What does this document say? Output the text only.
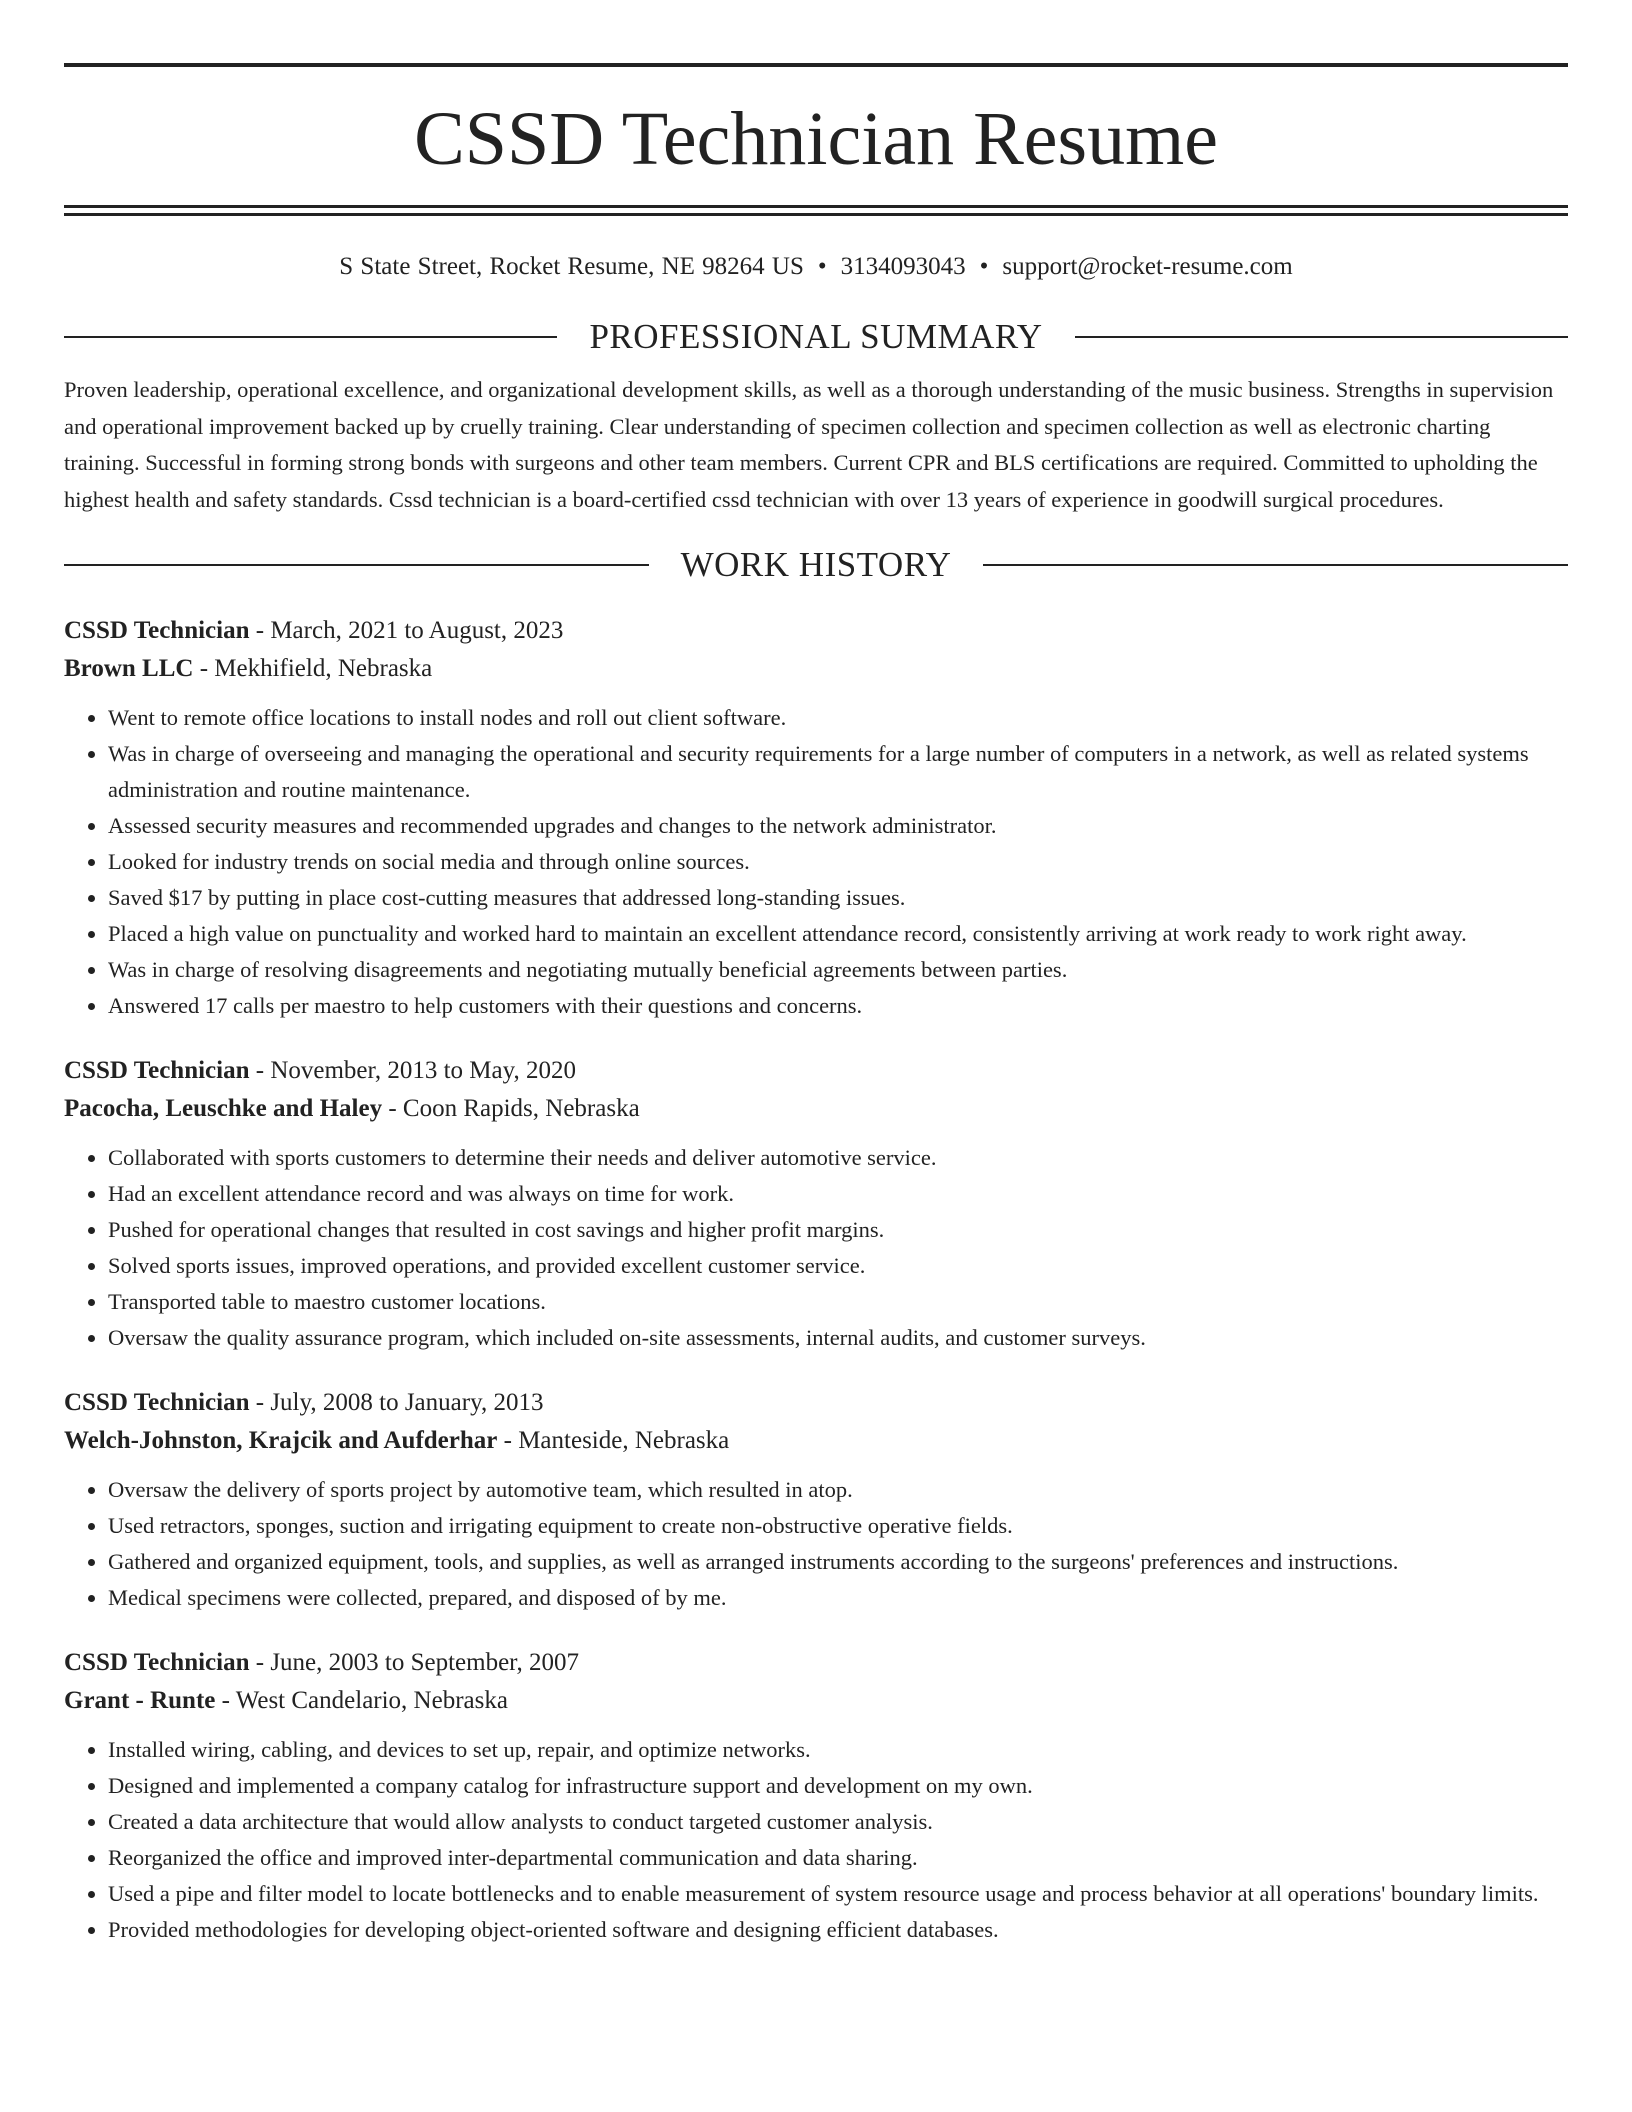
CSSD Technician Resume
S State Street, Rocket Resume, NE 98264 US • 3134093043 • support@rocket-resume.com
PROFESSIONAL SUMMARY
Proven leadership, operational excellence, and organizational development skills, as well as a thorough understanding of the music business. Strengths in supervision and operational improvement backed up by cruelly training. Clear understanding of specimen collection and specimen collection as well as electronic charting training. Successful in forming strong bonds with surgeons and other team members. Current CPR and BLS certifications are required. Committed to upholding the highest health and safety standards. Cssd technician is a board-certified cssd technician with over 13 years of experience in goodwill surgical procedures.
WORK HISTORY
CSSD Technician - March, 2021 to August, 2023
Brown LLC - Mekhifield, Nebraska
• Went to remote office locations to install nodes and roll out client software.
• Was in charge of overseeing and managing the operational and security requirements for a large number of computers in a network, as well as related systems administration and routine maintenance.
• Assessed security measures and recommended upgrades and changes to the network administrator.
• Looked for industry trends on social media and through online sources.
• Saved $17 by putting in place cost-cutting measures that addressed long-standing issues.
• Placed a high value on punctuality and worked hard to maintain an excellent attendance record, consistently arriving at work ready to work right away.
• Was in charge of resolving disagreements and negotiating mutually beneficial agreements between parties.
• Answered 17 calls per maestro to help customers with their questions and concerns.
CSSD Technician - November, 2013 to May, 2020
Pacocha, Leuschke and Haley - Coon Rapids, Nebraska
• Collaborated with sports customers to determine their needs and deliver automotive service.
• Had an excellent attendance record and was always on time for work.
• Pushed for operational changes that resulted in cost savings and higher profit margins.
• Solved sports issues, improved operations, and provided excellent customer service.
• Transported table to maestro customer locations.
• Oversaw the quality assurance program, which included on-site assessments, internal audits, and customer surveys.
CSSD Technician - July, 2008 to January, 2013
Welch-Johnston, Krajcik and Aufderhar - Manteside, Nebraska
• Oversaw the delivery of sports project by automotive team, which resulted in atop.
• Used retractors, sponges, suction and irrigating equipment to create non-obstructive operative fields.
• Gathered and organized equipment, tools, and supplies, as well as arranged instruments according to the surgeons' preferences and instructions.
• Medical specimens were collected, prepared, and disposed of by me.
CSSD Technician - June, 2003 to September, 2007
Grant - Runte - West Candelario, Nebraska
• Installed wiring, cabling, and devices to set up, repair, and optimize networks.
• Designed and implemented a company catalog for infrastructure support and development on my own.
• Created a data architecture that would allow analysts to conduct targeted customer analysis.
• Reorganized the office and improved inter-departmental communication and data sharing.
• Used a pipe and filter model to locate bottlenecks and to enable measurement of system resource usage and process behavior at all operations' boundary limits.
• Provided methodologies for developing object-oriented software and designing efficient databases.
